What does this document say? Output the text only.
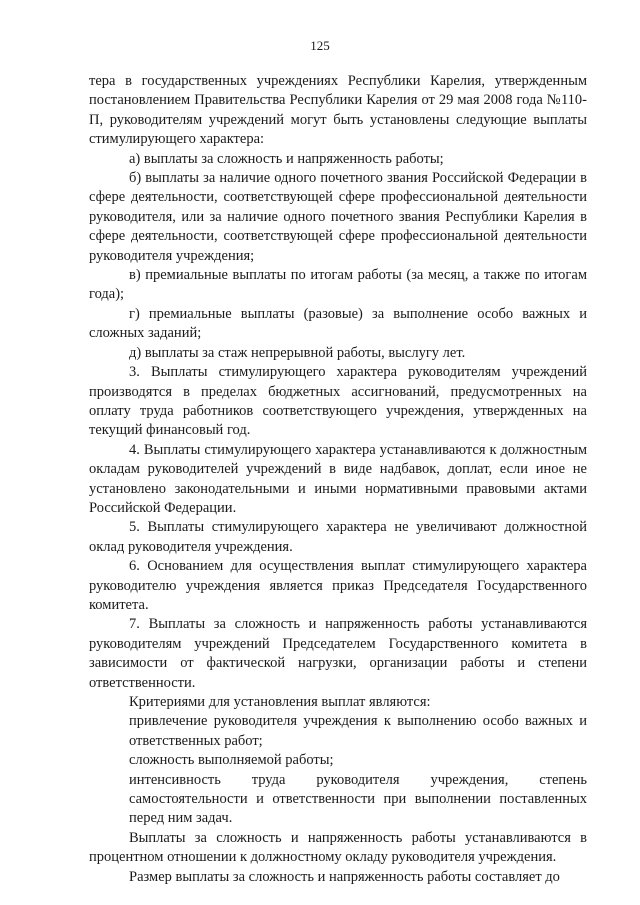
125

тера в государственных учреждениях Республики Карелия, утвержденным постановлением Правительства Республики Карелия от 29 мая 2008 года №110-П, руководителям учреждений могут быть установлены следующие выплаты стимулирующего характера:

а) выплаты за сложность и напряженность работы;

б) выплаты за наличие одного почетного звания Российской Федерации в сфере деятельности, соответствующей сфере профессиональной деятельности руководителя, или за наличие одного почетного звания Республики Карелия в сфере деятельности, соответствующей сфере профессиональной деятельности руководителя учреждения;

в) премиальные выплаты по итогам работы (за месяц, а также по итогам года);

г) премиальные выплаты (разовые) за выполнение особо важных и сложных заданий;

д) выплаты за стаж непрерывной работы, выслугу лет.

3. Выплаты стимулирующего характера руководителям учреждений производятся в пределах бюджетных ассигнований, предусмотренных на оплату труда работников соответствующего учреждения, утвержденных на текущий финансовый год.

4. Выплаты стимулирующего характера устанавливаются к должностным окладам руководителей учреждений в виде надбавок, доплат, если иное не установлено законодательными и иными нормативными правовыми актами Российской Федерации.

5. Выплаты стимулирующего характера не увеличивают должностной оклад руководителя учреждения.

6. Основанием для осуществления выплат стимулирующего характера руководителю учреждения является приказ Председателя Государственного комитета.

7. Выплаты за сложность и напряженность работы устанавливаются руководителям учреждений Председателем Государственного комитета в зависимости от фактической нагрузки, организации работы и степени ответственности.

Критериями для установления выплат являются:

привлечение руководителя учреждения к выполнению особо важных и ответственных работ;

сложность выполняемой работы;

интенсивность труда руководителя учреждения, степень самостоятельности и ответственности при выполнении поставленных перед ним задач.

Выплаты за сложность и напряженность работы устанавливаются в процентном отношении к должностному окладу руководителя учреждения.

Размер выплаты за сложность и напряженность работы составляет до
